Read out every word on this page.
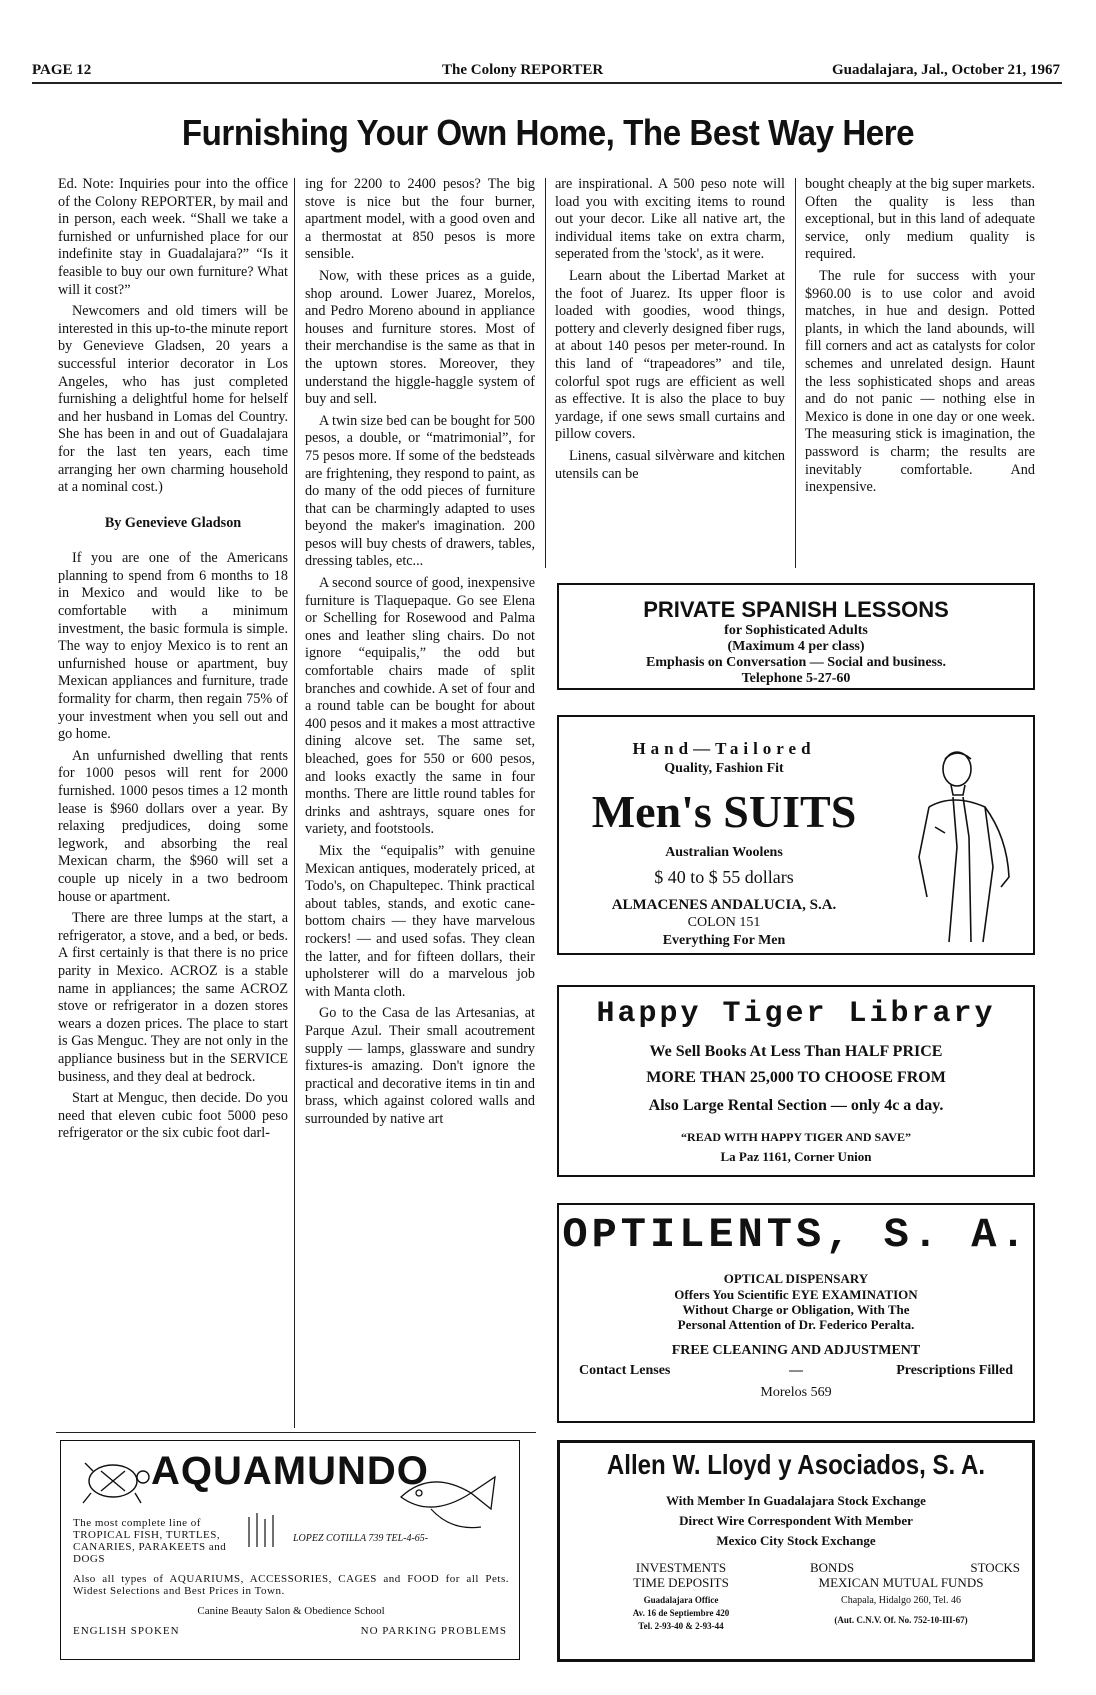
PAGE 12	The Colony REPORTER	Guadalajara, Jal., October 21, 1967
Furnishing Your Own Home, The Best Way Here

Ed. Note: Inquiries pour into the office of the Colony REPORTER, by mail and in person, each week. “Shall we take a furnished or unfurnished place for our indefinite stay in Guadalajara?” “Is it feasible to buy our own furniture? What will it cost?”

Newcomers and old timers will be interested in this up-to-the minute report by Genevieve Gladsen, 20 years a successful interior decorator in Los Angeles, who has just completed furnishing a delightful home for helself and her husband in Lomas del Country. She has been in and out of Guadalajara for the last ten years, each time arranging her own charming household at a nominal cost.)

By Genevieve Gladson

If you are one of the Americans planning to spend from 6 months to 18 in Mexico and would like to be comfortable with a minimum investment, the basic formula is simple. The way to enjoy Mexico is to rent an unfurnished house or apartment, buy Mexican appliances and furniture, trade formality for charm, then regain 75% of your investment when you sell out and go home.

An unfurnished dwelling that rents for 1000 pesos will rent for 2000 furnished. 1000 pesos times a 12 month lease is $960 dollars over a year. By relaxing predjudices, doing some legwork, and absorbing the real Mexican charm, the $960 will set a couple up nicely in a two bedroom house or apartment.

There are three lumps at the start, a refrigerator, a stove, and a bed, or beds. A first certainly is that there is no price parity in Mexico. ACROZ is a stable name in appliances; the same ACROZ stove or refrigerator in a dozen stores wears a dozen prices. The place to start is Gas Menguc. They are not only in the appliance business but in the SERVICE business, and they deal at bedrock.

Start at Menguc, then decide. Do you need that eleven cubic foot 5000 peso refrigerator or the six cubic foot darl-

ing for 2200 to 2400 pesos? The big stove is nice but the four burner, apartment model, with a good oven and a thermostat at 850 pesos is more sensible.

Now, with these prices as a guide, shop around. Lower Juarez, Morelos, and Pedro Moreno abound in appliance houses and furniture stores. Most of their merchandise is the same as that in the uptown stores. Moreover, they understand the higgle-haggle system of buy and sell.

A twin size bed can be bought for 500 pesos, a double, or “matrimonial”, for 75 pesos more. If some of the bedsteads are frightening, they respond to paint, as do many of the odd pieces of furniture that can be charmingly adapted to uses beyond the maker's imagination. 200 pesos will buy chests of drawers, tables, dressing tables, etc...

A second source of good, inexpensive furniture is Tlaquepaque. Go see Elena or Schelling for Rosewood and Palma ones and leather sling chairs. Do not ignore “equipalis,” the odd but comfortable chairs made of split branches and cowhide. A set of four and a round table can be bought for about 400 pesos and it makes a most attractive dining alcove set. The same set, bleached, goes for 550 or 600 pesos, and looks exactly the same in four months. There are little round tables for drinks and ashtrays, square ones for variety, and footstools.

Mix the “equipalis” with genuine Mexican antiques, moderately priced, at Todo's, on Chapultepec. Think practical about tables, stands, and exotic cane-bottom chairs — they have marvelous rockers! — and used sofas. They clean the latter, and for fifteen dollars, their upholsterer will do a marvelous job with Manta cloth.

Go to the Casa de las Artesanias, at Parque Azul. Their small acoutrement supply — lamps, glassware and sundry fixtures-is amazing. Don't ignore the practical and decorative items in tin and brass, which against colored walls and surrounded by native art

are inspirational. A 500 peso note will load you with exciting items to round out your decor. Like all native art, the individual items take on extra charm, seperated from the 'stock', as it were.

Learn about the Libertad Market at the foot of Juarez. Its upper floor is loaded with goodies, wood things, pottery and cleverly designed fiber rugs, at about 140 pesos per meter-round. In this land of “trapeadores” and tile, colorful spot rugs are efficient as well as effective. It is also the place to buy yardage, if one sews small curtains and pillow covers.

Linens, casual silvèrware and kitchen utensils can be

bought cheaply at the big super markets. Often the quality is less than exceptional, but in this land of adequate service, only medium quality is required.

The rule for success with your $960.00 is to use color and avoid matches, in hue and design. Potted plants, in which the land abounds, will fill corners and act as catalysts for color schemes and unrelated design. Haunt the less sophisticated shops and areas and do not panic — nothing else in Mexico is done in one day or one week. The measuring stick is imagination, the password is charm; the results are inevitably comfortable. And inexpensive.

PRIVATE SPANISH LESSONS
for Sophisticated Adults
(Maximum 4 per class)
Emphasis on Conversation — Social and business.
Telephone 5-27-60
Hand—Tailored
Quality, Fashion Fit
Men's SUITS
Australian Woolens
$ 40 to $ 55 dollars
ALMACENES ANDALUCIA, S.A.
COLON 151
Everything For Men
Happy Tiger Library
We Sell Books At Less Than HALF PRICE
MORE THAN 25,000 TO CHOOSE FROM
Also Large Rental Section — only 4c a day.
“READ WITH HAPPY TIGER AND SAVE”
La Paz 1161, Corner Union
OPTILENTS, S. A.
OPTICAL DISPENSARY
Offers You Scientific EYE EXAMINATION
Without Charge or Obligation, With The
Personal Attention of Dr. Federico Peralta.
FREE CLEANING AND ADJUSTMENT
Contact Lenses	—	Prescriptions Filled
Morelos 569
AQUAMUNDO
LOPEZ COTILLA 739 TEL-4-65-
The most complete line of TROPICAL FISH, TURTLES, CANARIES, PARAKEETS and DOGS
Also all types of AQUARIUMS, ACCESSORIES, CAGES and FOOD for all Pets. Widest Selections and Best Prices in Town.
Canine Beauty Salon & Obedience School
ENGLISH SPOKEN	NO PARKING PROBLEMS
Allen W. Lloyd y Asociados, S. A.
With Member In Guadalajara Stock Exchange
Direct Wire Correspondent With Member
Mexico City Stock Exchange
INVESTMENTS
TIME DEPOSITS
Guadalajara Office
Av. 16 de Septiembre 420
Tel. 2-93-40 & 2-93-44
BONDS	STOCKS
MEXICAN MUTUAL FUNDS
Chapala, Hidalgo 260, Tel. 46
(Aut. C.N.V. Of. No. 752-10-III-67)
